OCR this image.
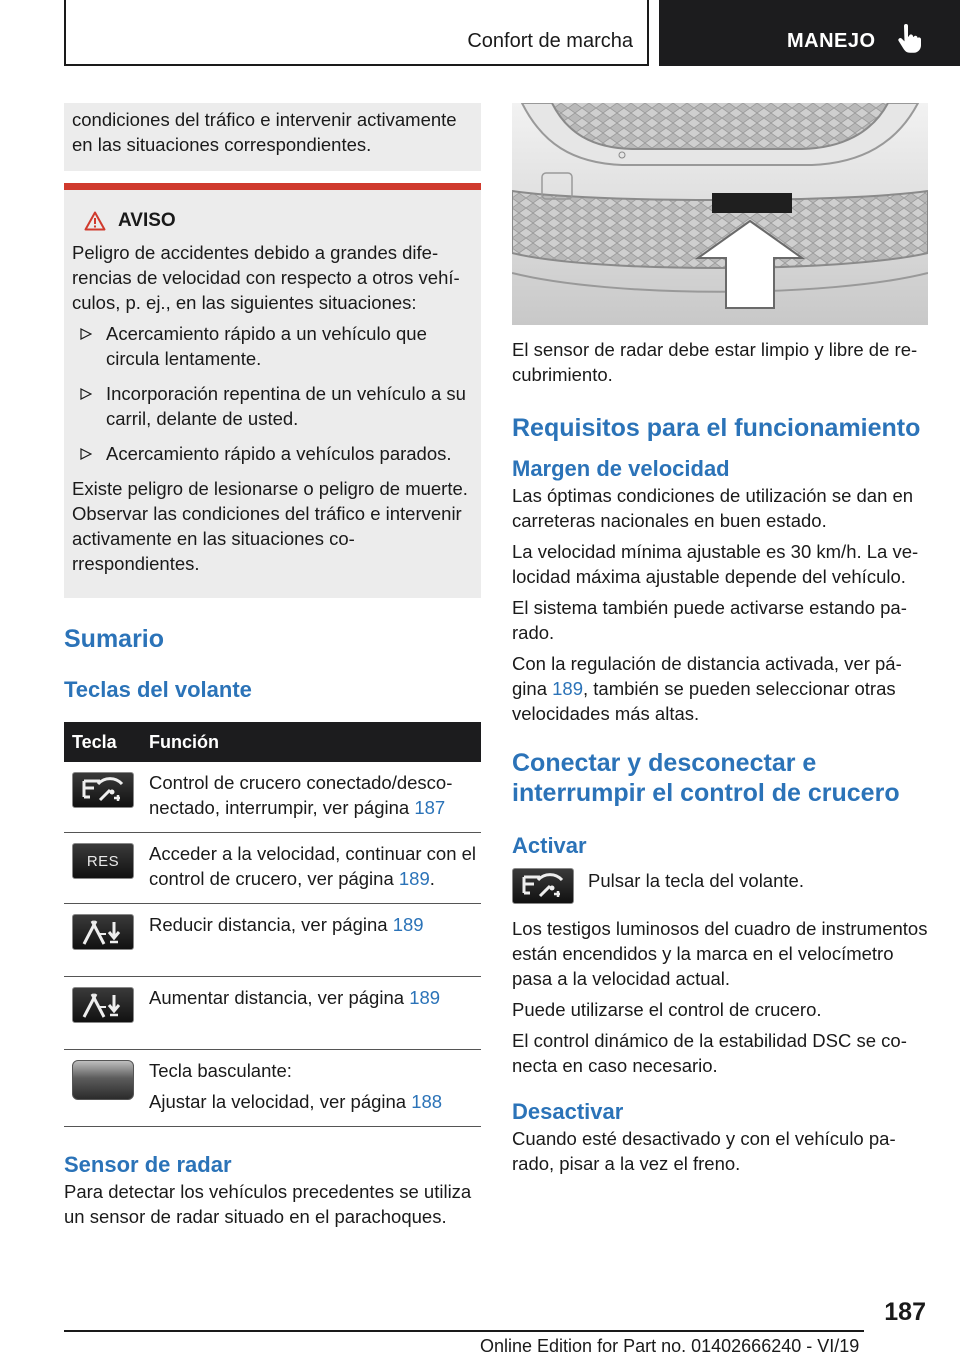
Confort de marcha	MANEJO

condiciones del tráfico e intervenir activamente en las situaciones correspondientes.

AVISO

Peligro de accidentes debido a grandes diferencias de velocidad con respecto a otros vehículos, p. ej., en las siguientes situaciones:

Acercamiento rápido a un vehículo que circula lentamente.
Incorporación repentina de un vehículo a su carril, delante de usted.
Acercamiento rápido a vehículos parados.

Existe peligro de lesionarse o peligro de muerte. Observar las condiciones del tráfico e intervenir activamente en las situaciones correspondientes.

Sumario
Teclas del volante
Tecla	Función

	Control de crucero conectado/desconectado, interrumpir, ver página 187

RES	Acceder a la velocidad, continuar con el control de crucero, ver página 189.

	Reducir distancia, ver página 189

	Aumentar distancia, ver página 189

	Tecla basculante:
Ajustar la velocidad, ver página 188
Sensor de radar

Para detectar los vehículos precedentes se utiliza un sensor de radar situado en el parachoques.

El sensor de radar debe estar limpio y libre de recubrimiento.

Requisitos para el funcionamiento
Margen de velocidad

Las óptimas condiciones de utilización se dan en carreteras nacionales en buen estado.

La velocidad mínima ajustable es 30 km/h. La velocidad máxima ajustable depende del vehículo.

El sistema también puede activarse estando parado.

Con la regulación de distancia activada, ver página 189, también se pueden seleccionar otras velocidades más altas.

Conectar y desconectar e interrumpir el control de crucero
Activar

Pulsar la tecla del volante.

Los testigos luminosos del cuadro de instrumentos están encendidos y la marca en el velocímetro pasa a la velocidad actual.

Puede utilizarse el control de crucero.

El control dinámico de la estabilidad DSC se conecta en caso necesario.

Desactivar

Cuando esté desactivado y con el vehículo parado, pisar a la vez el freno.

187
Online Edition for Part no. 01402666240 - VI/19
